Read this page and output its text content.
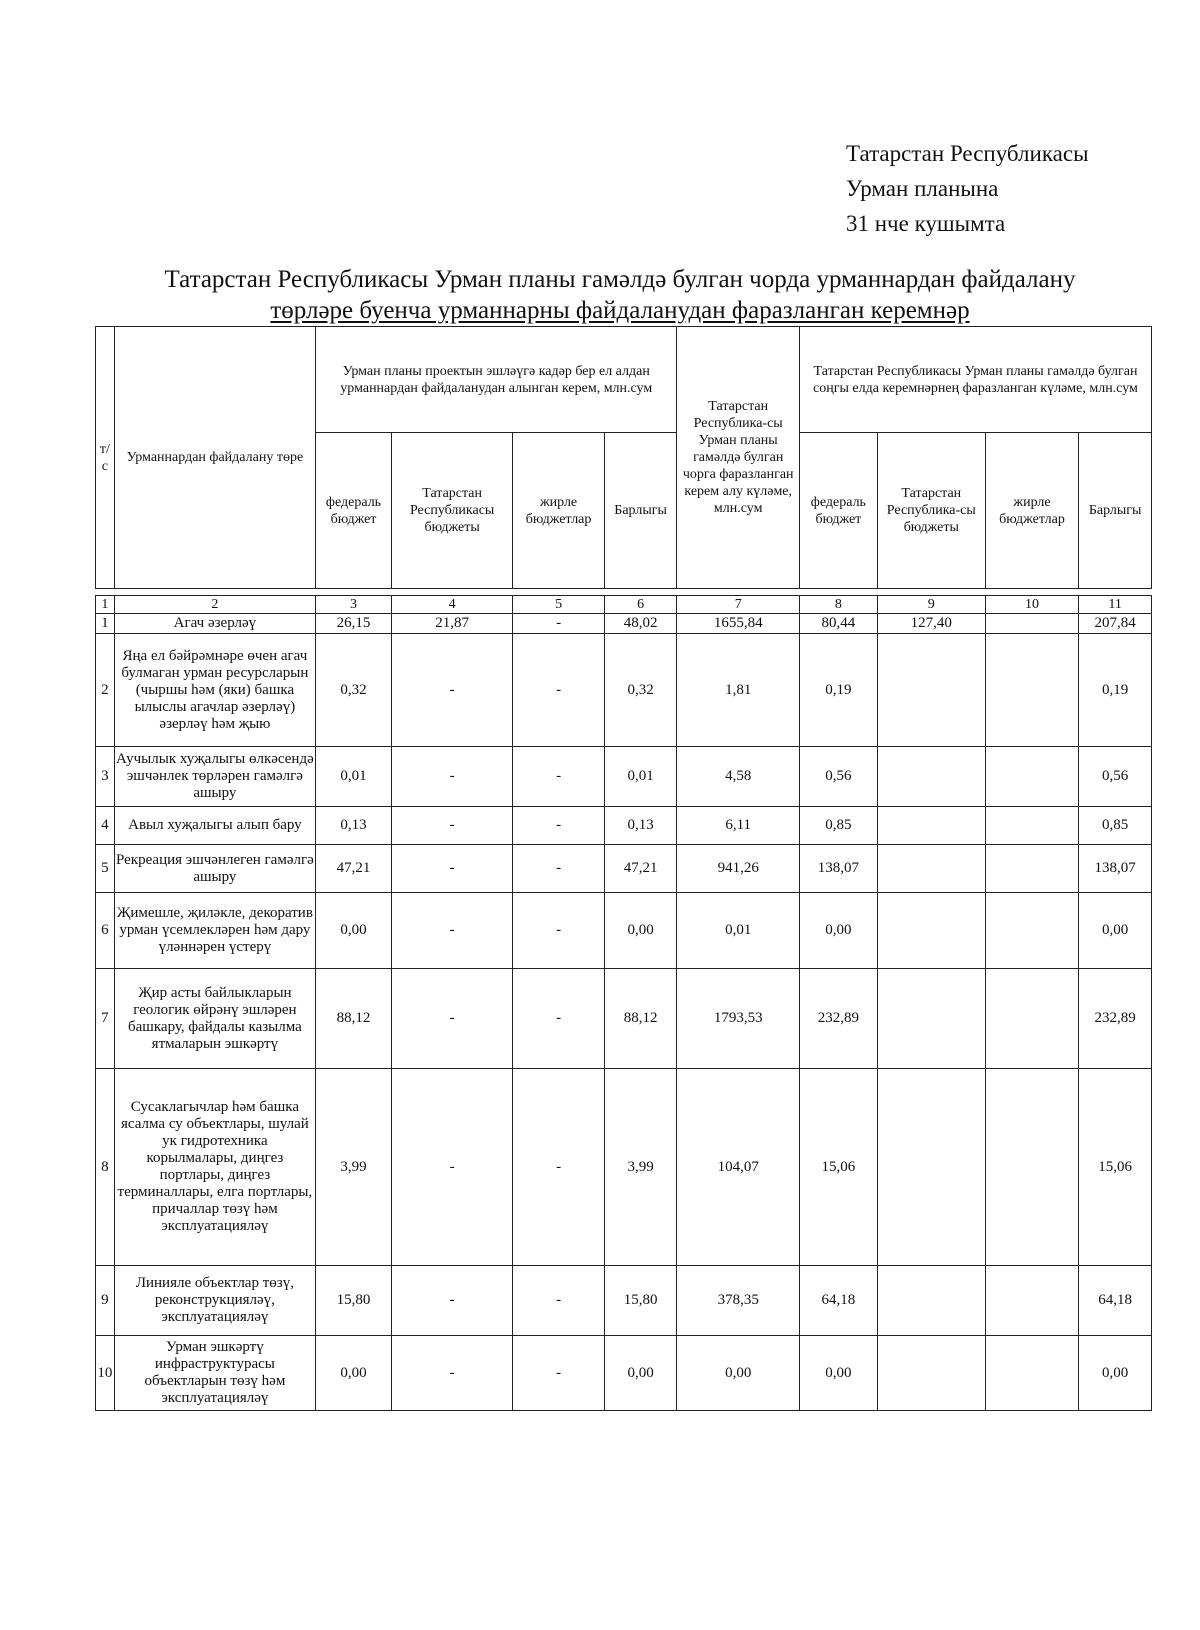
Татарстан Республикасы
Урман планына
31 нче кушымта
Татарстан Республикасы Урман планы гамәлдә булган чорда урманнардан файдалану
төрләре буенча урманнарны файдаланудан фаразланган керемнәр
т/с	Урманнардан файдалану төре	Урман планы проектын эшләүгә кадәр бер ел алдан урманнардан файдаланудан алынган керем, млн.сум				Татарстан Республика-сы Урман планы гамәлдә булган чорга фаразланган керем алу күләме, млн.сум	Татарстан Республикасы Урман планы гамәлдә булган соңгы елда керемнәрнең фаразланган күләме, млн.сум			
		федераль бюджет	Татарстан Республикасы бюджеты	жирле бюджетлар	Барлыгы		федераль бюджет	Татарстан Республика-сы бюджеты	жирле бюджетлар	Барлыгы

1	2	3	4	5	6	7	8	9	10	11
1	Агач әзерләү	26,15	21,87	-	48,02	1655,84	80,44	127,40		207,84
2	Яңа ел бәйрәмнәре өчен агач булмаган урман ресурсларын (чыршы һәм (яки) башка ылыслы агачлар әзерләү) әзерләү һәм җыю	0,32	-	-	0,32	1,81	0,19			0,19
3	Аучылык хуҗалыгы өлкәсендә эшчәнлек төрләрен гамәлгә ашыру	0,01	-	-	0,01	4,58	0,56			0,56
4	Авыл хуҗалыгы алып бару	0,13	-	-	0,13	6,11	0,85			0,85
5	Рекреация эшчәнлеген гамәлгә ашыру	47,21	-	-	47,21	941,26	138,07			138,07
6	Җимешле, җиләкле, декоратив урман үсемлекләрен һәм дару үләннәрен үстерү	0,00	-	-	0,00	0,01	0,00			0,00
7	Җир асты байлыкларын геологик өйрәнү эшләрен башкару, файдалы казылма ятмаларын эшкәртү	88,12	-	-	88,12	1793,53	232,89			232,89
8	Сусаклагычлар һәм башка ясалма су объектлары, шулай ук гидротехника корылмалары, диңгез портлары, диңгез терминаллары, елга портлары, причаллар төзү һәм эксплуатацияләү	3,99	-	-	3,99	104,07	15,06			15,06
9	Линияле объектлар төзү, реконструкцияләү, эксплуатацияләү	15,80	-	-	15,80	378,35	64,18			64,18
10	Урман эшкәртү инфраструктурасы объектларын төзү һәм эксплуатацияләү	0,00	-	-	0,00	0,00	0,00			0,00
